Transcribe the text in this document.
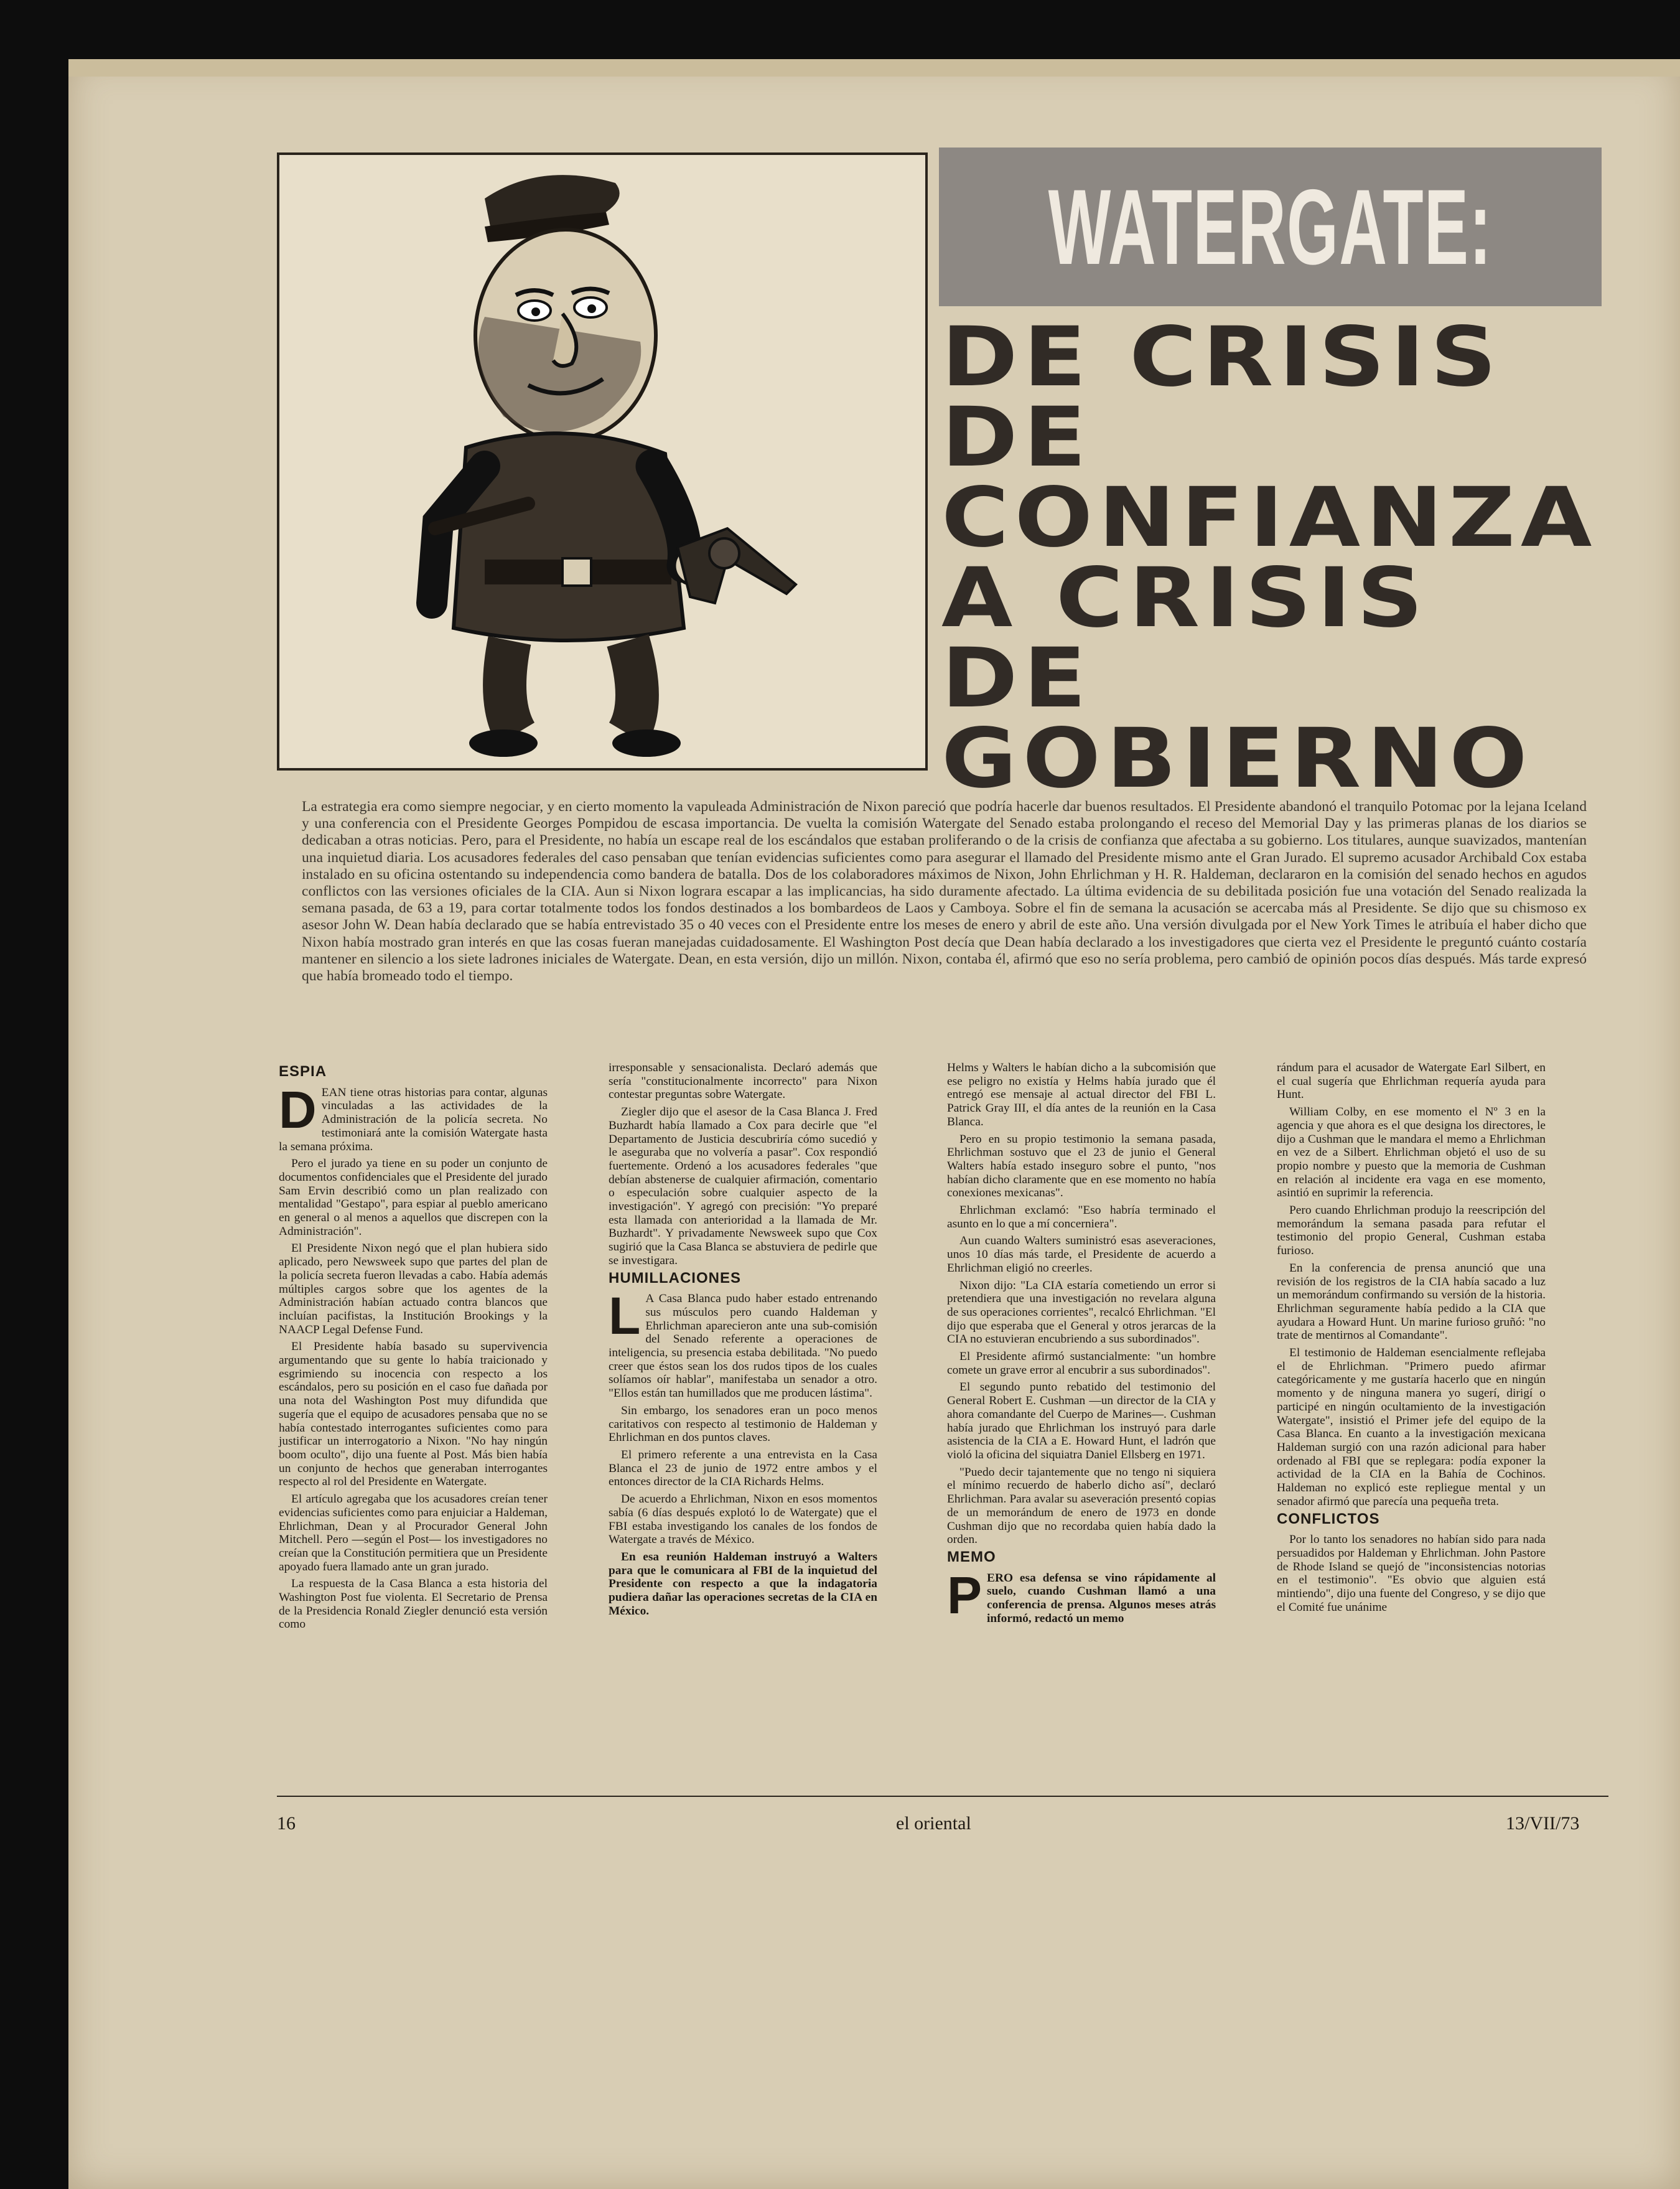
WATERGATE:
DE CRISIS
DE
CONFIANZA
A CRISIS
DE
GOBIERNO

La estrategia era como siempre negociar, y en cierto momento la vapuleada Administración de Nixon pareció que podría hacerle dar buenos resultados. El Presidente abandonó el tranquilo Potomac por la lejana Iceland y una conferencia con el Presidente Georges Pompidou de escasa importancia. De vuelta la comisión Watergate del Senado estaba prolongando el receso del Memorial Day y las primeras planas de los diarios se dedicaban a otras noticias. Pero, para el Presidente, no había un escape real de los escándalos que estaban proliferando o de la crisis de confianza que afectaba a su gobierno. Los titulares, aunque suavizados, mantenían una inquietud diaria. Los acusadores federales del caso pensaban que tenían evidencias suficientes como para asegurar el llamado del Presidente mismo ante el Gran Jurado. El supremo acusador Archibald Cox estaba instalado en su oficina ostentando su independencia como bandera de batalla. Dos de los colaboradores máximos de Nixon, John Ehrlichman y H. R. Haldeman, declararon en la comisión del senado hechos en agudos conflictos con las versiones oficiales de la CIA. Aun si Nixon lograra escapar a las implicancias, ha sido duramente afectado. La última evidencia de su debilitada posición fue una votación del Senado realizada la semana pasada, de 63 a 19, para cortar totalmente todos los fondos destinados a los bombardeos de Laos y Camboya. Sobre el fin de semana la acusación se acercaba más al Presidente. Se dijo que su chismoso ex asesor John W. Dean había declarado que se había entrevistado 35 o 40 veces con el Presidente entre los meses de enero y abril de este año. Una versión divulgada por el New York Times le atribuía el haber dicho que Nixon había mostrado gran interés en que las cosas fueran manejadas cuidadosamente. El Washington Post decía que Dean había declarado a los investigadores que cierta vez el Presidente le preguntó cuánto costaría mantener en silencio a los siete ladrones iniciales de Watergate. Dean, en esta versión, dijo un millón. Nixon, contaba él, afirmó que eso no sería problema, pero cambió de opinión pocos días después. Más tarde expresó que había bromeado todo el tiempo.

ESPIA
D EAN tiene otras historias para contar, algunas vinculadas a las actividades de la Administración de la policía secreta. No testimoniará ante la comisión Watergate hasta la semana próxima.

Pero el jurado ya tiene en su poder un conjunto de documentos confidenciales que el Presidente del jurado Sam Ervin describió como un plan realizado con mentalidad "Gestapo", para espiar al pueblo americano en general o al menos a aquellos que discrepen con la Administración".

El Presidente Nixon negó que el plan hubiera sido aplicado, pero Newsweek supo que partes del plan de la policía secreta fueron llevadas a cabo. Había además múltiples cargos sobre que los agentes de la Administración habían actuado contra blancos que incluían pacifistas, la Institución Brookings y la NAACP Legal Defense Fund.

El Presidente había basado su supervivencia argumentando que su gente lo había traicionado y esgrimiendo su inocencia con respecto a los escándalos, pero su posición en el caso fue dañada por una nota del Washington Post muy difundida que sugería que el equipo de acusadores pensaba que no se había contestado interrogantes suficientes como para justificar un interrogatorio a Nixon. "No hay ningún boom oculto", dijo una fuente al Post. Más bien había un conjunto de hechos que generaban interrogantes respecto al rol del Presidente en Watergate.

El artículo agregaba que los acusadores creían tener evidencias suficientes como para enjuiciar a Haldeman, Ehrlichman, Dean y al Procurador General John Mitchell. Pero —según el Post— los investigadores no creían que la Constitución permitiera que un Presidente apoyado fuera llamado ante un gran jurado.

La respuesta de la Casa Blanca a esta historia del Washington Post fue violenta. El Secretario de Prensa de la Presidencia Ronald Ziegler denunció esta versión como

irresponsable y sensacionalista. Declaró además que sería "constitucionalmente incorrecto" para Nixon contestar preguntas sobre Watergate.

Ziegler dijo que el asesor de la Casa Blanca J. Fred Buzhardt había llamado a Cox para decirle que "el Departamento de Justicia descubriría cómo sucedió y le aseguraba que no volvería a pasar". Cox respondió fuertemente. Ordenó a los acusadores federales "que debían abstenerse de cualquier afirmación, comentario o especulación sobre cualquier aspecto de la investigación". Y agregó con precisión: "Yo preparé esta llamada con anterioridad a la llamada de Mr. Buzhardt". Y privadamente Newsweek supo que Cox sugirió que la Casa Blanca se abstuviera de pedirle que se investigara.

HUMILLACIONES
L A Casa Blanca pudo haber estado entrenando sus músculos pero cuando Haldeman y Ehrlichman aparecieron ante una sub-comisión del Senado referente a operaciones de inteligencia, su presencia estaba debilitada. "No puedo creer que éstos sean los dos rudos tipos de los cuales solíamos oír hablar", manifestaba un senador a otro. "Ellos están tan humillados que me producen lástima".

Sin embargo, los senadores eran un poco menos caritativos con respecto al testimonio de Haldeman y Ehrlichman en dos puntos claves.

El primero referente a una entrevista en la Casa Blanca el 23 de junio de 1972 entre ambos y el entonces director de la CIA Richards Helms.

De acuerdo a Ehrlichman, Nixon en esos momentos sabía (6 días después explotó lo de Watergate) que el FBI estaba investigando los canales de los fondos de Watergate a través de México.

En esa reunión Haldeman instruyó a Walters para que le comunicara al FBI de la inquietud del Presidente con respecto a que la indagatoria pudiera dañar las operaciones secretas de la CIA en México.

Helms y Walters le habían dicho a la subcomisión que ese peligro no existía y Helms había jurado que él entregó ese mensaje al actual director del FBI L. Patrick Gray III, el día antes de la reunión en la Casa Blanca.

Pero en su propio testimonio la semana pasada, Ehrlichman sostuvo que el 23 de junio el General Walters había estado inseguro sobre el punto, "nos habían dicho claramente que en ese momento no había conexiones mexicanas".

Ehrlichman exclamó: "Eso habría terminado el asunto en lo que a mí concerniera".

Aun cuando Walters suministró esas aseveraciones, unos 10 días más tarde, el Presidente de acuerdo a Ehrlichman eligió no creerles.

Nixon dijo: "La CIA estaría cometiendo un error si pretendiera que una investigación no revelara alguna de sus operaciones corrientes", recalcó Ehrlichman. "El dijo que esperaba que el General y otros jerarcas de la CIA no estuvieran encubriendo a sus subordinados".

El Presidente afirmó sustancialmente: "un hombre comete un grave error al encubrir a sus subordinados".

El segundo punto rebatido del testimonio del General Robert E. Cushman —un director de la CIA y ahora comandante del Cuerpo de Marines—. Cushman había jurado que Ehrlichman los instruyó para darle asistencia de la CIA a E. Howard Hunt, el ladrón que violó la oficina del siquiatra Daniel Ellsberg en 1971.

"Puedo decir tajantemente que no tengo ni siquiera el mínimo recuerdo de haberlo dicho así", declaró Ehrlichman. Para avalar su aseveración presentó copias de un memorándum de enero de 1973 en donde Cushman dijo que no recordaba quien había dado la orden.

MEMO
P ERO esa defensa se vino rápidamente al suelo, cuando Cushman llamó a una conferencia de prensa. Algunos meses atrás informó, redactó un memo

rándum para el acusador de Watergate Earl Silbert, en el cual sugería que Ehrlichman requería ayuda para Hunt.

William Colby, en ese momento el Nº 3 en la agencia y que ahora es el que designa los directores, le dijo a Cushman que le mandara el memo a Ehrlichman en vez de a Silbert. Ehrlichman objetó el uso de su propio nombre y puesto que la memoria de Cushman en relación al incidente era vaga en ese momento, asintió en suprimir la referencia.

Pero cuando Ehrlichman produjo la reescripción del memorándum la semana pasada para refutar el testimonio del propio General, Cushman estaba furioso.

En la conferencia de prensa anunció que una revisión de los registros de la CIA había sacado a luz un memorándum confirmando su versión de la historia. Ehrlichman seguramente había pedido a la CIA que ayudara a Howard Hunt. Un marine furioso gruñó: "no trate de mentirnos al Comandante".

El testimonio de Haldeman esencialmente reflejaba el de Ehrlichman. "Primero puedo afirmar categóricamente y me gustaría hacerlo que en ningún momento y de ninguna manera yo sugerí, dirigí o participé en ningún ocultamiento de la investigación Watergate", insistió el Primer jefe del equipo de la Casa Blanca. En cuanto a la investigación mexicana Haldeman surgió con una razón adicional para haber ordenado al FBI que se replegara: podía exponer la actividad de la CIA en la Bahía de Cochinos. Haldeman no explicó este repliegue mental y un senador afirmó que parecía una pequeña treta.

CONFLICTOS

Por lo tanto los senadores no habían sido para nada persuadidos por Haldeman y Ehrlichman. John Pastore de Rhode Island se quejó de "inconsistencias notorias en el testimonio". "Es obvio que alguien está mintiendo", dijo una fuente del Congreso, y se dijo que el Comité fue unánime

16	el oriental	13/VII/73
